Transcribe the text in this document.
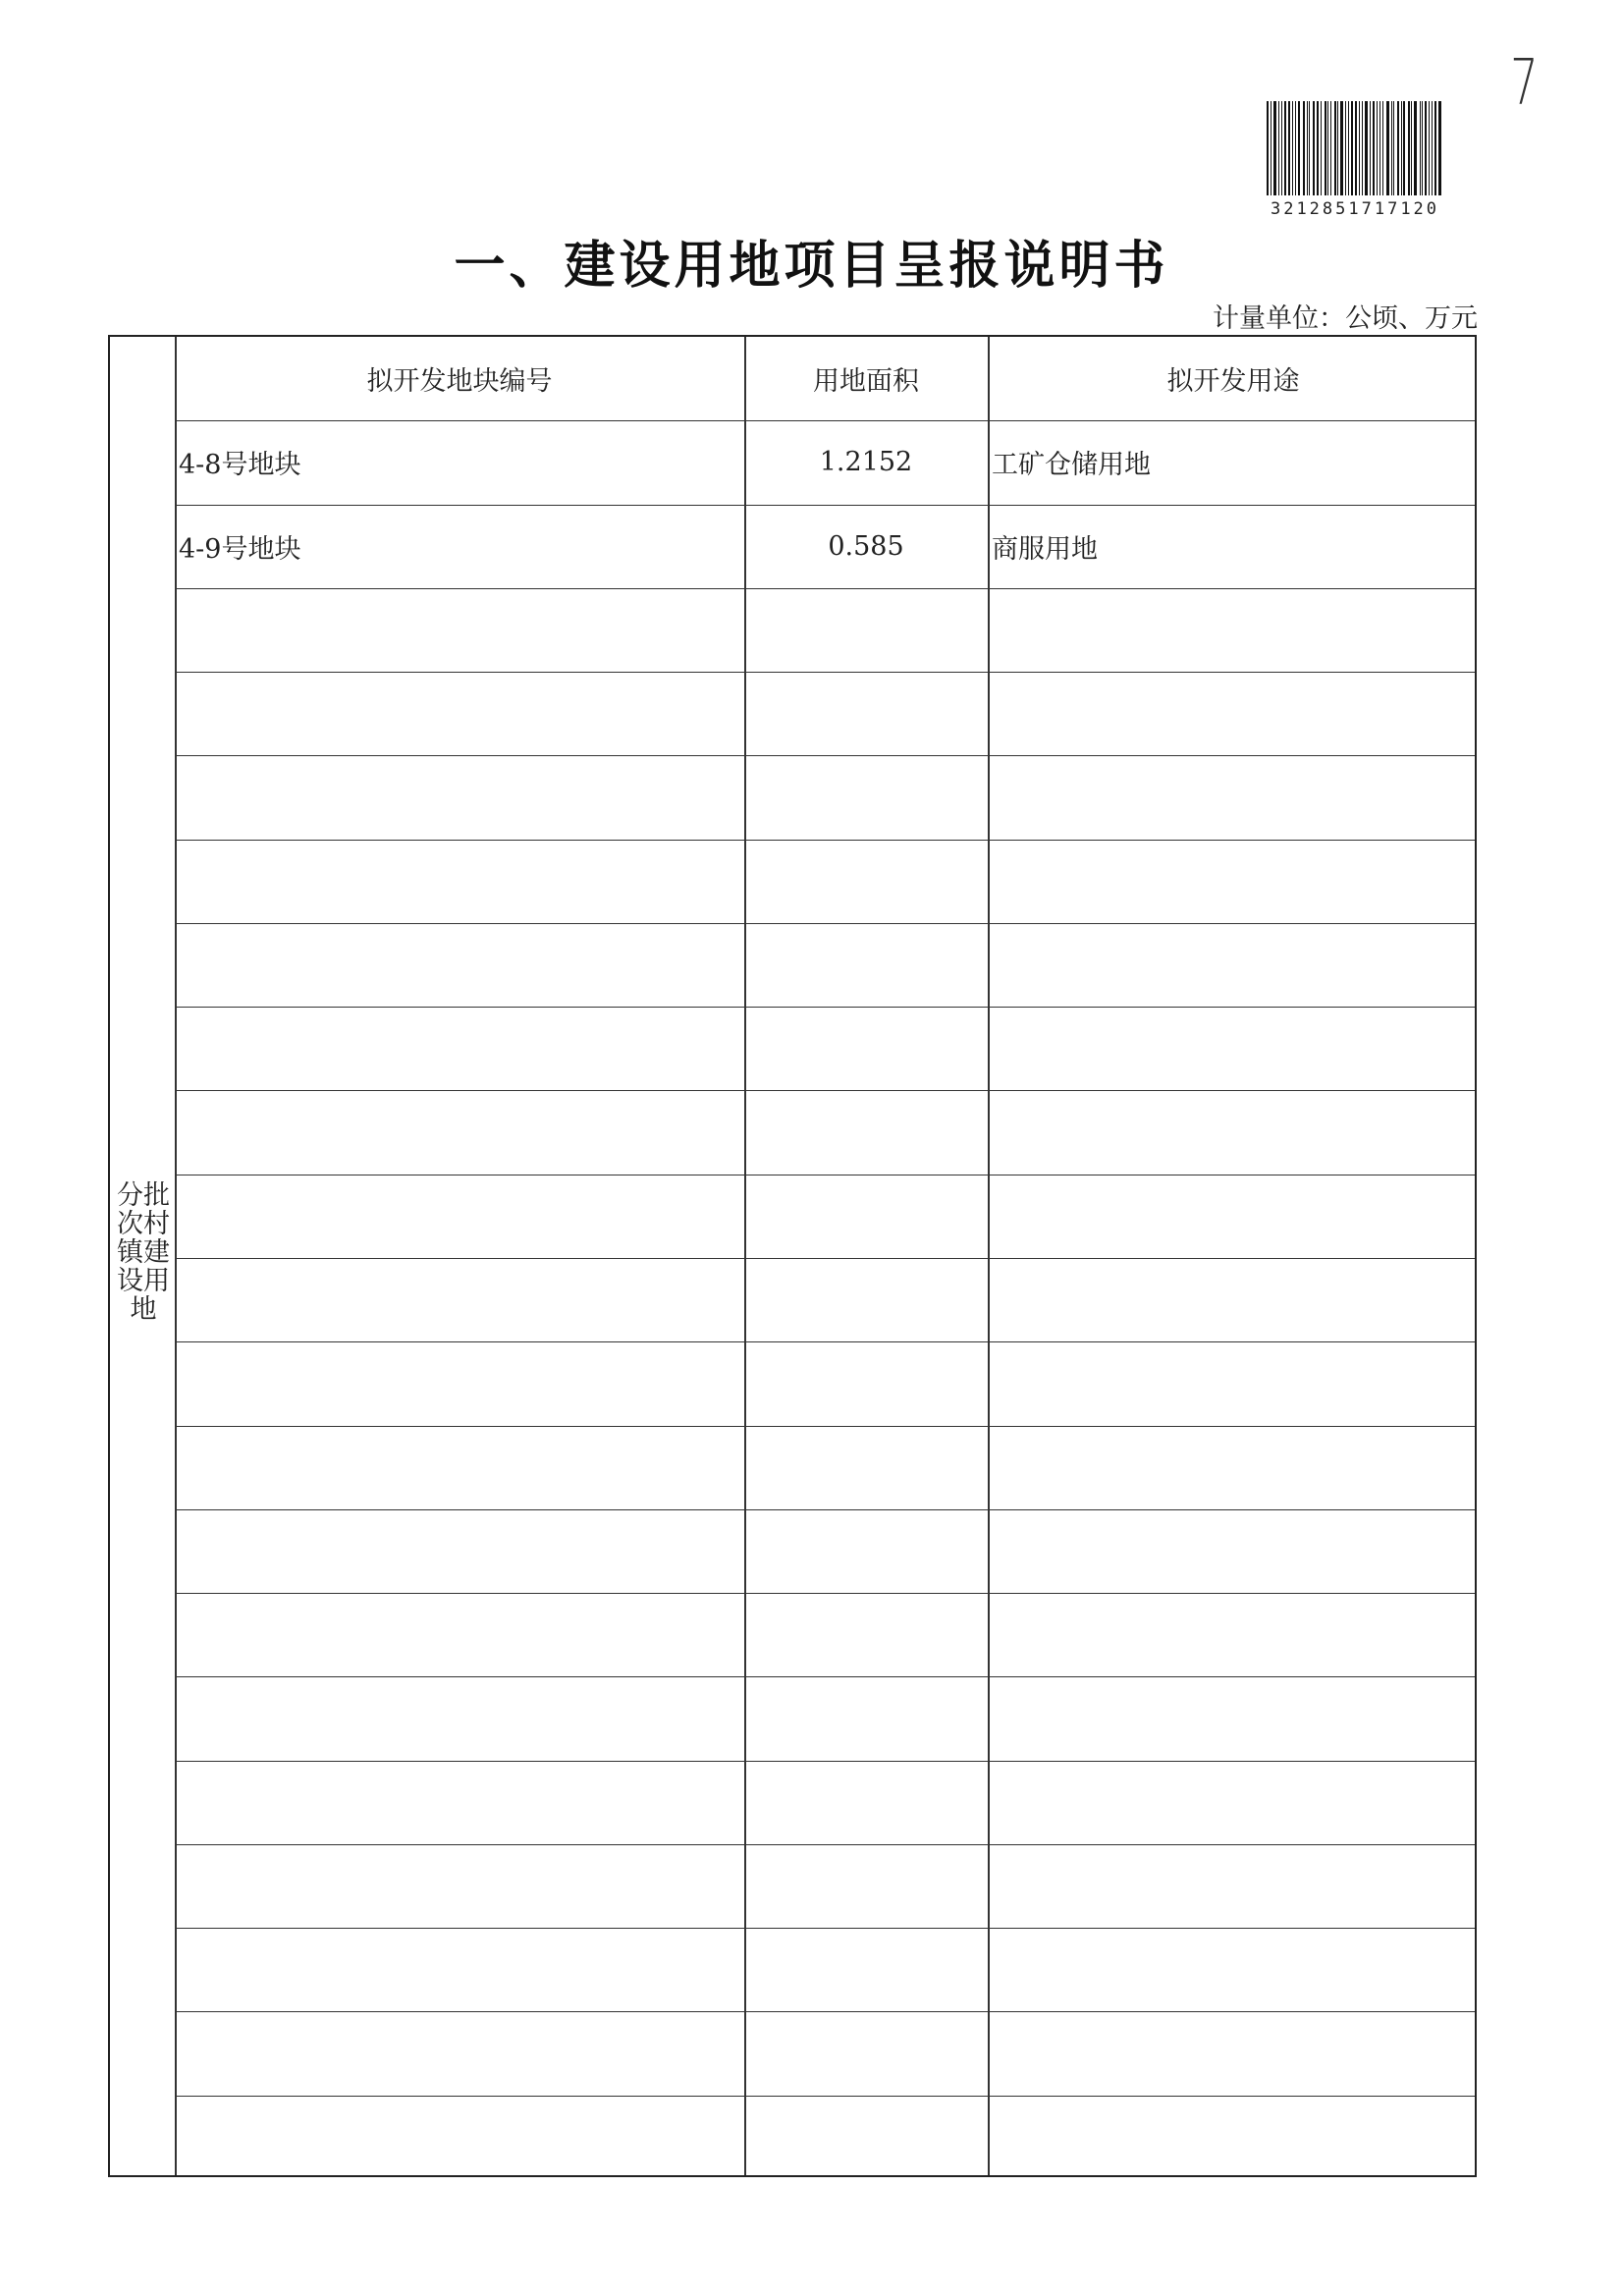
7
3212851717120
一、建设用地项目呈报说明书
计量单位：公顷、万元
分批
次村
镇建
设用
地
拟开发地块编号	用地面积	拟开发用途
4-8号地块	1.2152	工矿仓储用地
4-9号地块	0.585	商服用地
